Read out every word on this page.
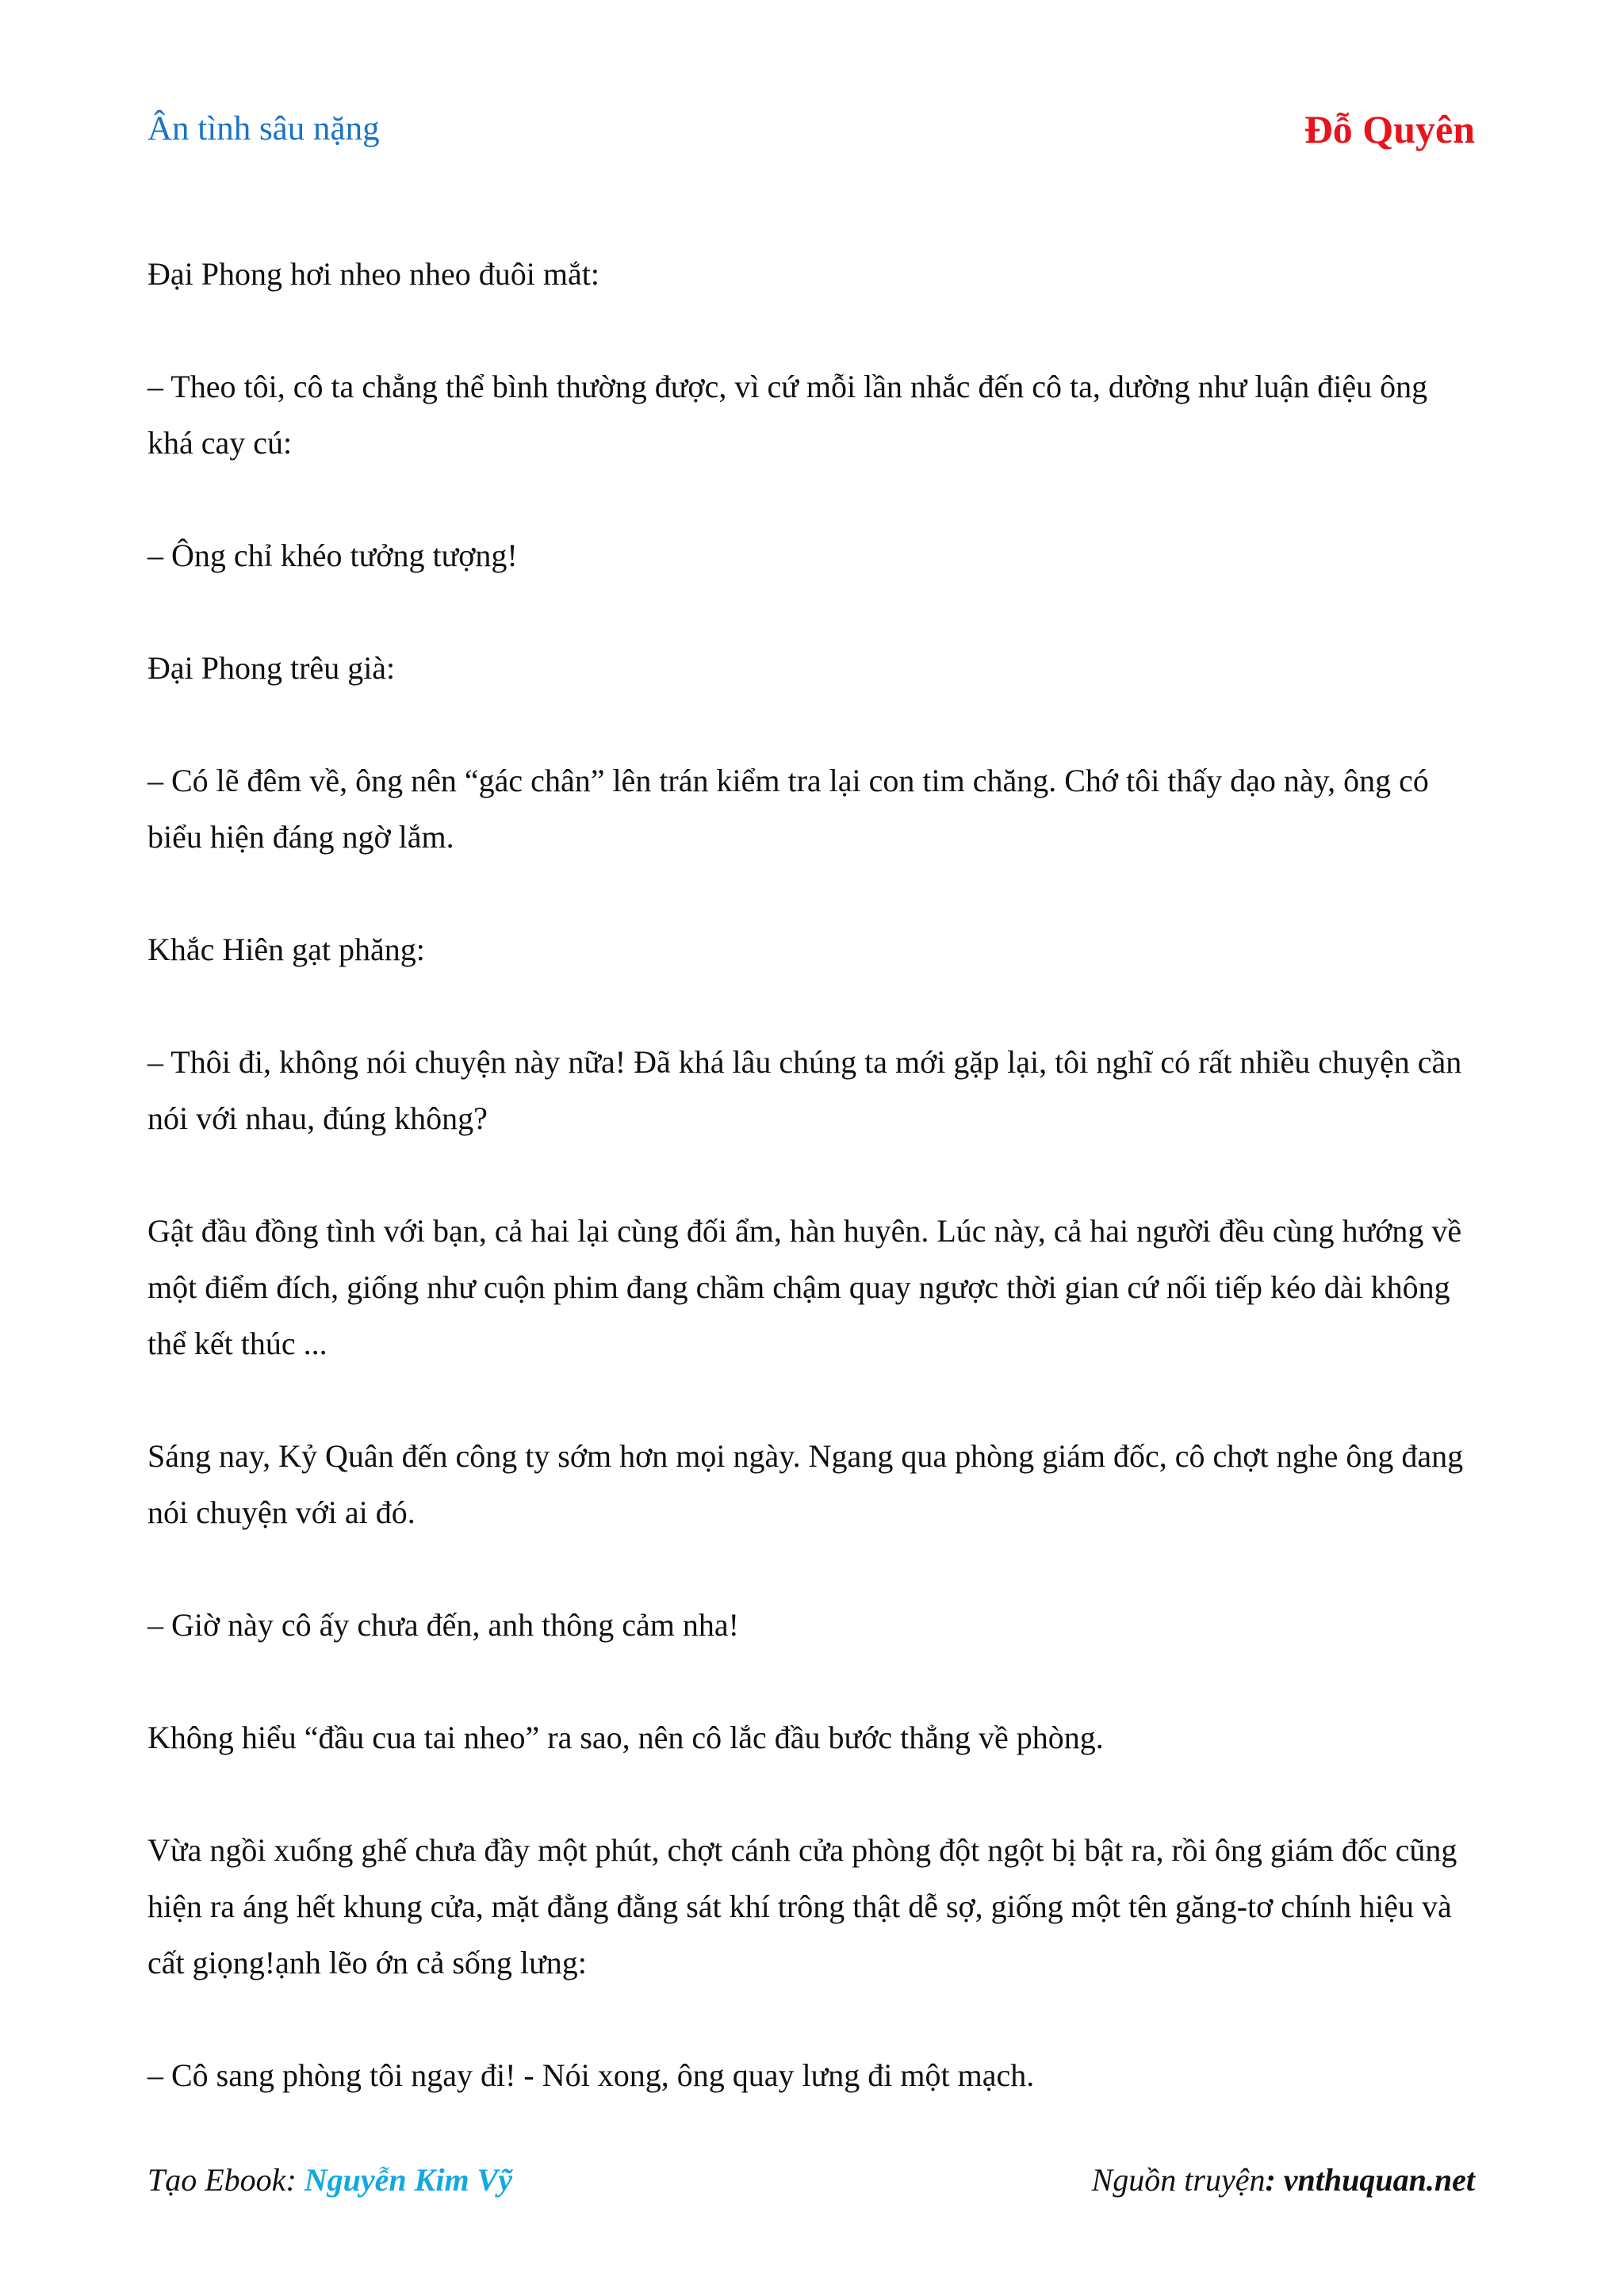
Ân tình sâu nặng	Đỗ Quyên

Đại Phong hơi nheo nheo đuôi mắt:

– Theo tôi, cô ta chẳng thể bình thường được, vì cứ mỗi lần nhắc đến cô ta, dường như luận điệu ông khá cay cú:

– Ông chỉ khéo tưởng tượng!

Đại Phong trêu già:

– Có lẽ đêm về, ông nên “gác chân” lên trán kiểm tra lại con tim chăng. Chớ tôi thấy dạo này, ông có biểu hiện đáng ngờ lắm.

Khắc Hiên gạt phăng:

– Thôi đi, không nói chuyện này nữa! Đã khá lâu chúng ta mới gặp lại, tôi nghĩ có rất nhiều chuyện cần nói với nhau, đúng không?

Gật đầu đồng tình với bạn, cả hai lại cùng đối ẩm, hàn huyên. Lúc này, cả hai người đều cùng hướng về một điểm đích, giống như cuộn phim đang chầm chậm quay ngược thời gian cứ nối tiếp kéo dài không thể kết thúc ...

Sáng nay, Kỷ Quân đến công ty sớm hơn mọi ngày. Ngang qua phòng giám đốc, cô chợt nghe ông đang nói chuyện với ai đó.

– Giờ này cô ấy chưa đến, anh thông cảm nha!

Không hiểu “đầu cua tai nheo” ra sao, nên cô lắc đầu bước thẳng về phòng.

Vừa ngồi xuống ghế chưa đầy một phút, chợt cánh cửa phòng đột ngột bị bật ra, rồi ông giám đốc cũng hiện ra áng hết khung cửa, mặt đằng đằng sát khí trông thật dễ sợ, giống một tên găng-tơ chính hiệu và cất giọng!ạnh lẽo ớn cả sống lưng:

– Cô sang phòng tôi ngay đi! - Nói xong, ông quay lưng đi một mạch.

Tạo Ebook: Nguyễn Kim Vỹ	Nguồn truyện: vnthuquan.net
